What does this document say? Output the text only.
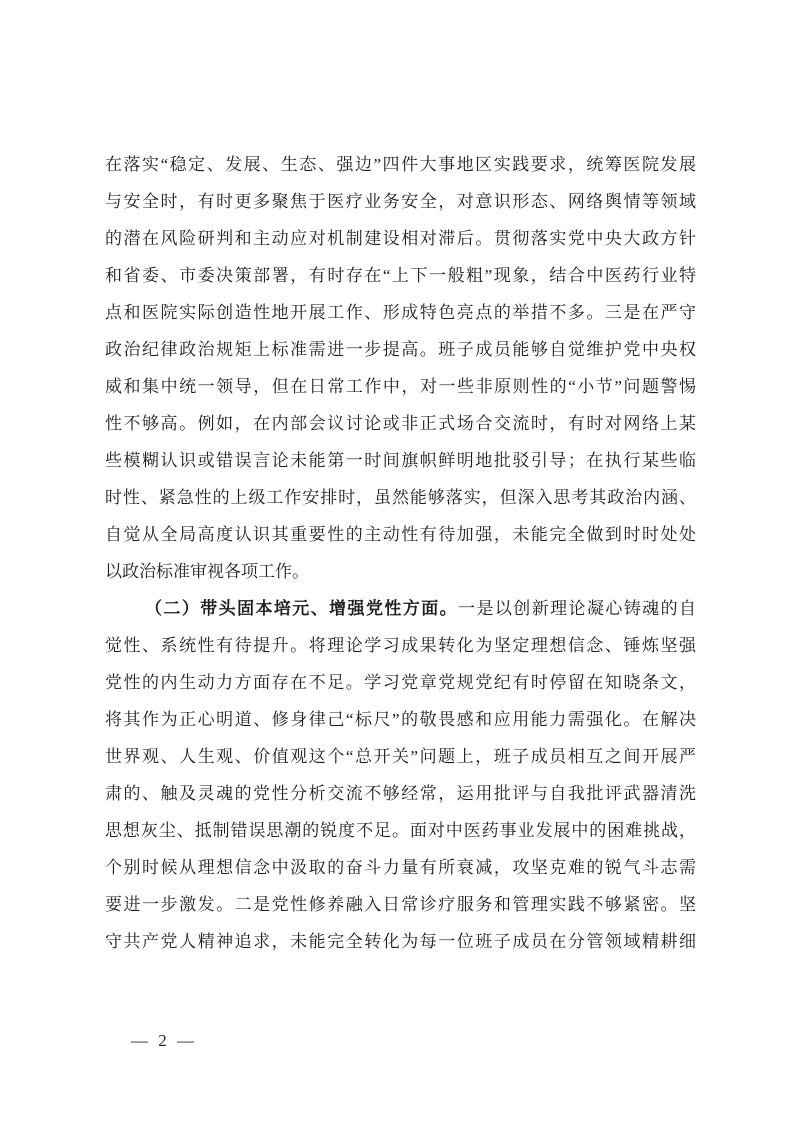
在落实“稳定、发展、生态、强边”四件大事地区实践要求，统筹医院发展
与安全时，有时更多聚焦于医疗业务安全，对意识形态、网络舆情等领域
的潜在风险研判和主动应对机制建设相对滞后。贯彻落实党中央大政方针
和省委、市委决策部署，有时存在“上下一般粗”现象，结合中医药行业特
点和医院实际创造性地开展工作、形成特色亮点的举措不多。三是在严守
政治纪律政治规矩上标准需进一步提高。班子成员能够自觉维护党中央权
威和集中统一领导，但在日常工作中，对一些非原则性的“小节”问题警惕
性不够高。例如，在内部会议讨论或非正式场合交流时，有时对网络上某
些模糊认识或错误言论未能第一时间旗帜鲜明地批驳引导；在执行某些临
时性、紧急性的上级工作安排时，虽然能够落实，但深入思考其政治内涵、
自觉从全局高度认识其重要性的主动性有待加强，未能完全做到时时处处
以政治标准审视各项工作。
（二）带头固本培元、增强党性方面。一是以创新理论凝心铸魂的自
觉性、系统性有待提升。将理论学习成果转化为坚定理想信念、锤炼坚强
党性的内生动力方面存在不足。学习党章党规党纪有时停留在知晓条文，
将其作为正心明道、修身律己“标尺”的敬畏感和应用能力需强化。在解决
世界观、人生观、价值观这个“总开关”问题上，班子成员相互之间开展严
肃的、触及灵魂的党性分析交流不够经常，运用批评与自我批评武器清洗
思想灰尘、抵制错误思潮的锐度不足。面对中医药事业发展中的困难挑战，
个别时候从理想信念中汲取的奋斗力量有所衰减，攻坚克难的锐气斗志需
要进一步激发。二是党性修养融入日常诊疗服务和管理实践不够紧密。坚
守共产党人精神追求，未能完全转化为每一位班子成员在分管领域精耕细
— 2 —
